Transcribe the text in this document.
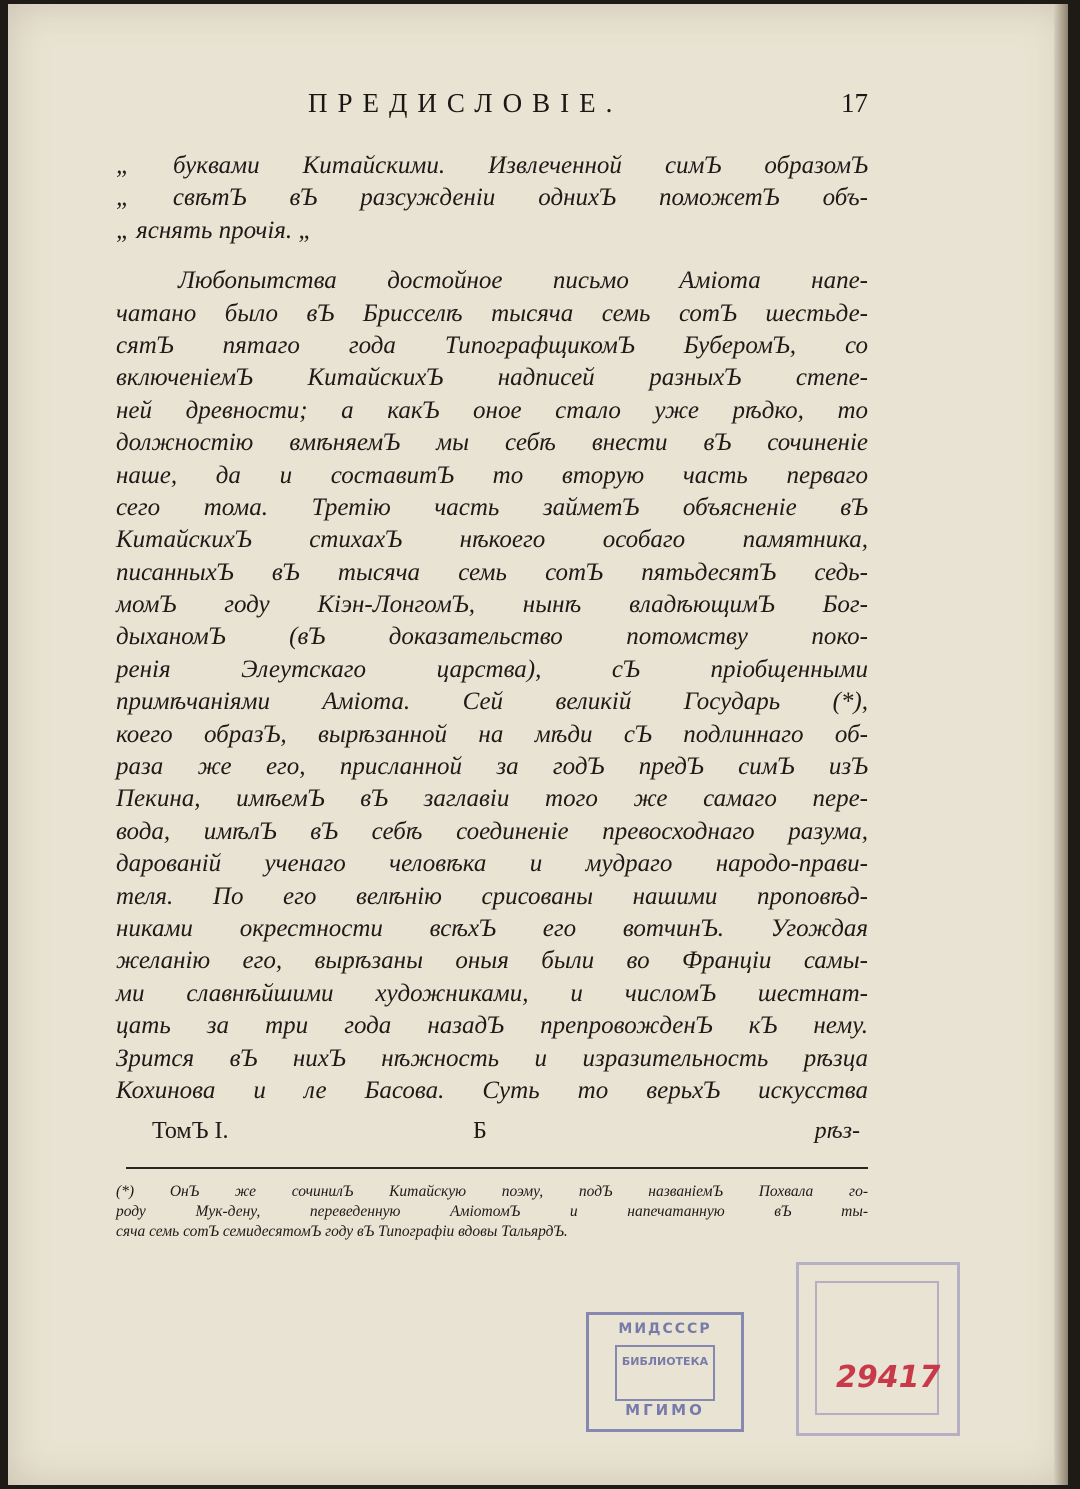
ПРЕДИСЛОВІЕ.	17
„ буквами Китайскими. Извлеченной симЪ образомЪ
„ свѣтЪ вЪ разсужденіи однихЪ поможетЪ объ-
„ яснять прочія. „
Любопытства достойное письмо Аміота напе-
чатано было вЪ Брисселѣ тысяча семь сотЪ шестьде-
сятЪ пятаго года ТипографщикомЪ БуберомЪ, со
включеніемЪ КитайскихЪ надписей разныхЪ степе-
ней древности; а какЪ оное стало уже рѣдко, то
должностію вмѣняемЪ мы себѣ внести вЪ сочиненіе
наше, да и составитЪ то вторую часть перваго
сего тома. Третію часть займетЪ объясненіе вЪ
КитайскихЪ стихахЪ нѣкоего особаго памятника,
писанныхЪ вЪ тысяча семь сотЪ пятьдесятЪ седь-
момЪ году Кіэн-ЛонгомЪ, нынѣ владѣющимЪ Бог-
дыханомЪ (вЪ доказательство потомству поко-
ренія Элеутскаго царства), сЪ пріобщенными
примѣчаніями Аміота. Сей великій Государь (*),
коего образЪ, вырѣзанной на мѣди сЪ подлиннаго об-
раза же его, присланной за годЪ предЪ симЪ изЪ
Пекина, имѣемЪ вЪ заглавіи того же самаго пере-
вода, имѣлЪ вЪ себѣ соединеніе превосходнаго разума,
дарованій ученаго человѣка и мудраго народо-прави-
теля. По его велѣнію срисованы нашими проповѣд-
никами окрестности всѣхЪ его вотчинЪ. Угождая
желанію его, вырѣзаны оныя были во Франціи самы-
ми славнѣйшими художниками, и числомЪ шестнат-
цать за три года назадЪ препровожденЪ кЪ нему.
Зрится вЪ нихЪ нѣжность и изразительность рѣзца
Кохинова и ле Басова. Суть то верьхЪ искусства
ТомЪ I.	Б	рѣз-
(*) ОнЪ же сочинилЪ Китайскую поэму, подЪ названіемЪ Похвала го-
роду Мук-дену, переведенную АміотомЪ и напечатанную вЪ ты-
сяча семь сотЪ семидесятомЪ году вЪ Типографіи вдовы ТальярдЪ.
МИДСССР
БИБЛИОТЕКА
МГИМО
29417
